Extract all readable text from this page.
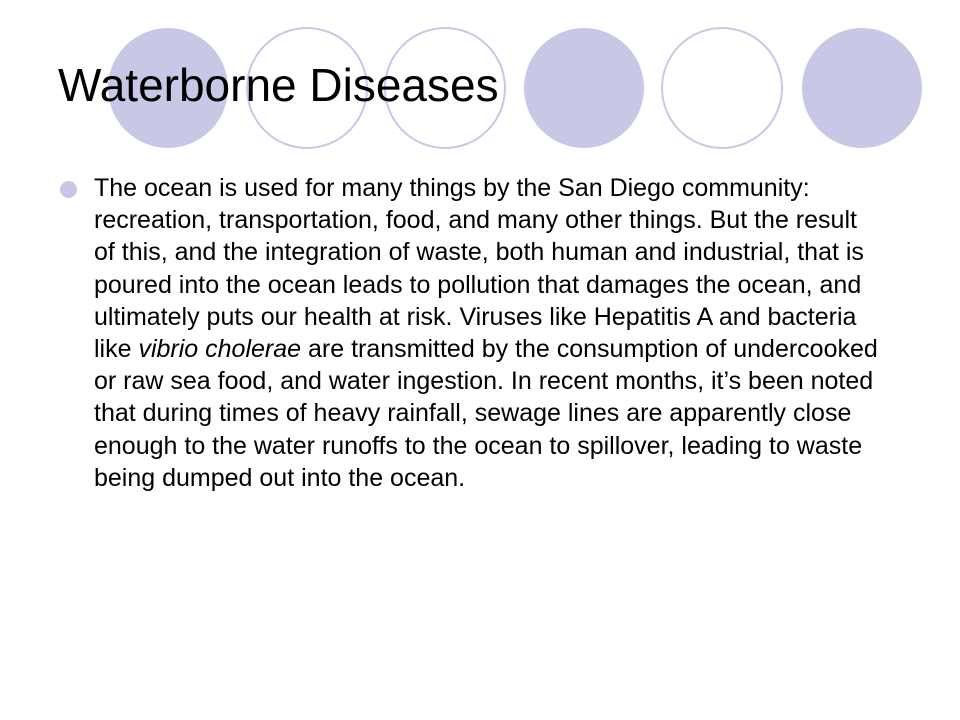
Waterborne Diseases
The ocean is used for many things by the San Diego community: recreation, transportation, food, and many other things. But the result of this, and the integration of waste, both human and industrial, that is poured into the ocean leads to pollution that damages the ocean, and ultimately puts our health at risk. Viruses like Hepatitis A and bacteria like vibrio cholerae are transmitted by the consumption of undercooked or raw sea food, and water ingestion. In recent months, it’s been noted that during times of heavy rainfall, sewage lines are apparently close enough to the water runoffs to the ocean to spillover, leading to waste being dumped out into the ocean.
